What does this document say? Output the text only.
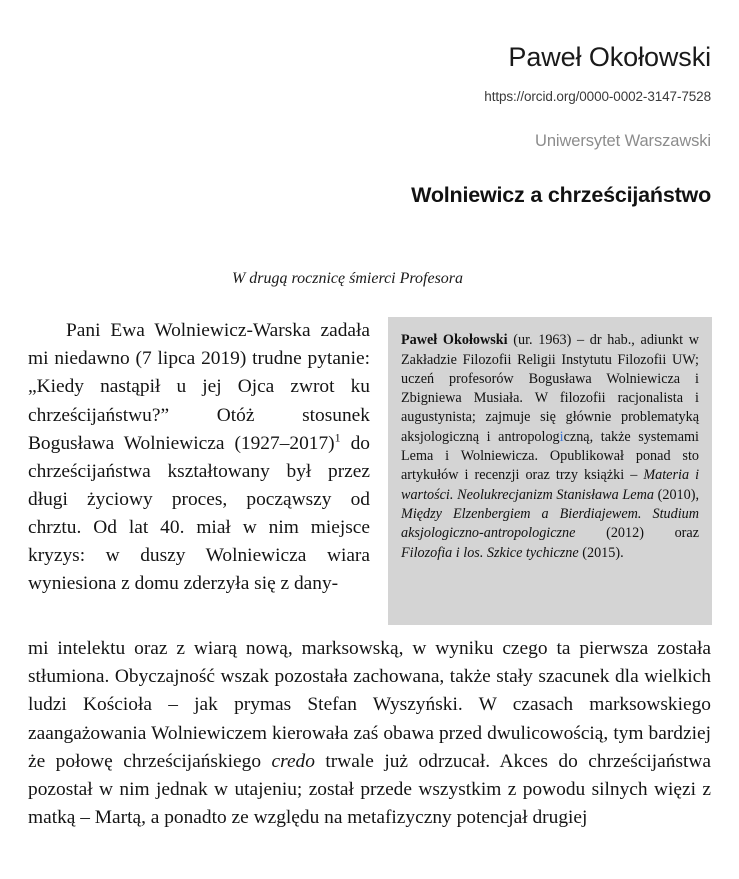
Paweł Okołowski
https://orcid.org/0000-0002-3147-7528
Uniwersytet Warszawski
Wolniewicz a chrześcijaństwo
W drugą rocznicę śmierci Profesora

Pani Ewa Wolniewicz-Warska zadała mi niedawno (7 lipca 2019) trudne pytanie: „Kiedy nastąpił u jej Ojca zwrot ku chrześcijaństwu?” Otóż stosunek Bogusława Wolniewicza (1927–2017)$^1$ do chrześcijaństwa kształtowany był przez długi życiowy proces, począwszy od chrztu. Od lat 40. miał w nim miejsce kryzys: w duszy Wolniewicza wiara wyniesiona z domu zderzyła się z dany-

Paweł Okołowski (ur. 1963) – dr hab., adiunkt w Zakładzie Filozofii Religii Instytutu Filozofii UW; uczeń profesorów Bogusława Wolniewicza i Zbigniewa Musiała. W filozofii racjonalista i augustynista; zajmuje się głównie problematyką aksjologiczną i antropologiczną, także systemami Lema i Wolniewicza. Opublikował ponad sto artykułów i recenzji oraz trzy książki – Materia i wartości. Neolukrecjanizm Stanisława Lema (2010), Między Elzenbergiem a Bierdiajewem. Studium aksjologiczno-antropologiczne (2012) oraz Filozofia i los. Szkice tychiczne (2015).

mi intelektu oraz z wiarą nową, marksowską, w wyniku czego ta pierwsza została stłumiona. Obyczajność wszak pozostała zachowana, także stały szacunek dla wielkich ludzi Kościoła – jak prymas Stefan Wyszyński. W czasach marksowskiego zaangażowania Wolniewiczem kierowała zaś obawa przed dwulicowością, tym bardziej że połowę chrześcijańskiego credo trwale już odrzucał. Akces do chrześcijaństwa pozostał w nim jednak w utajeniu; został przede wszystkim z powodu silnych więzi z matką – Martą, a ponadto ze względu na metafizyczny potencjał drugiej
